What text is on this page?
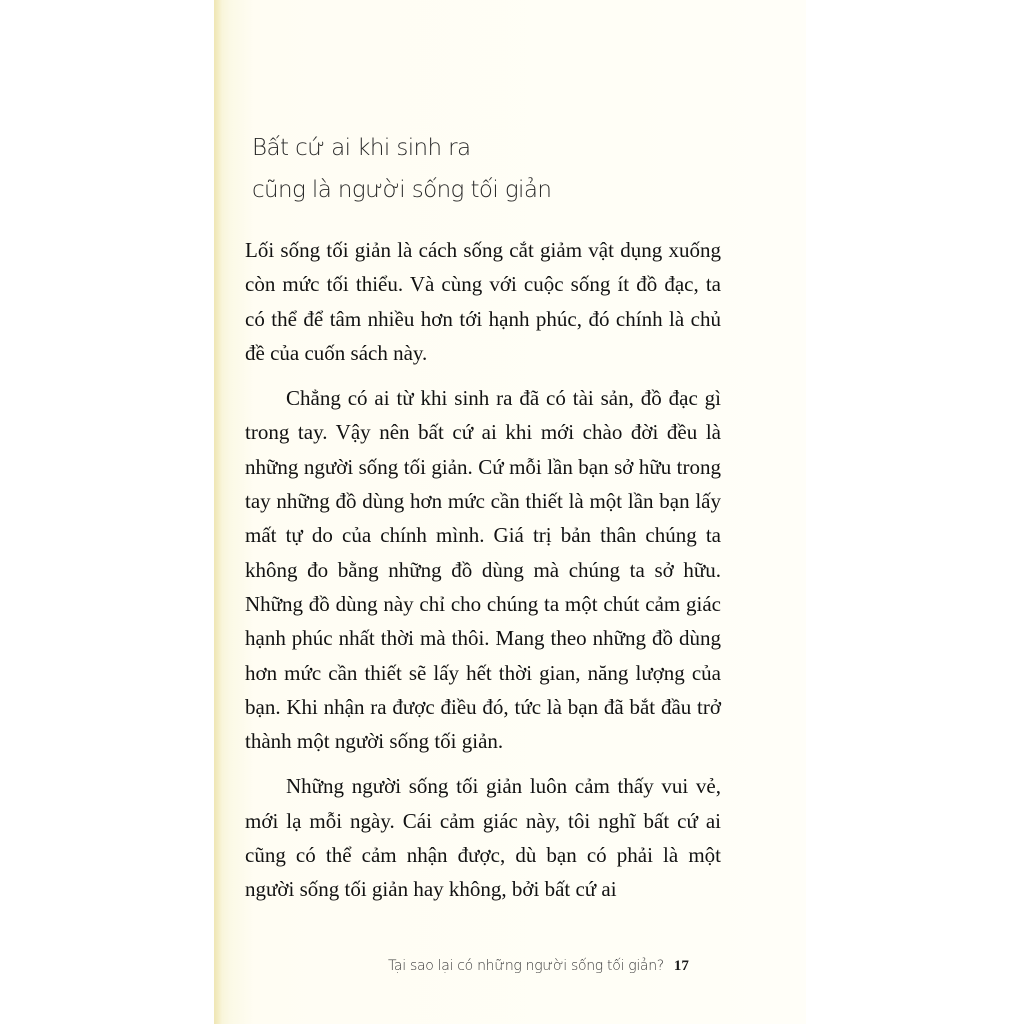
Bất cứ ai khi sinh ra
cũng là người sống tối giản

Lối sống tối giản là cách sống cắt giảm vật dụng xuống còn mức tối thiểu. Và cùng với cuộc sống ít đồ đạc, ta có thể để tâm nhiều hơn tới hạnh phúc, đó chính là chủ đề của cuốn sách này.

Chẳng có ai từ khi sinh ra đã có tài sản, đồ đạc gì trong tay. Vậy nên bất cứ ai khi mới chào đời đều là những người sống tối giản. Cứ mỗi lần bạn sở hữu trong tay những đồ dùng hơn mức cần thiết là một lần bạn lấy mất tự do của chính mình. Giá trị bản thân chúng ta không đo bằng những đồ dùng mà chúng ta sở hữu. Những đồ dùng này chỉ cho chúng ta một chút cảm giác hạnh phúc nhất thời mà thôi. Mang theo những đồ dùng hơn mức cần thiết sẽ lấy hết thời gian, năng lượng của bạn. Khi nhận ra được điều đó, tức là bạn đã bắt đầu trở thành một người sống tối giản.

Những người sống tối giản luôn cảm thấy vui vẻ, mới lạ mỗi ngày. Cái cảm giác này, tôi nghĩ bất cứ ai cũng có thể cảm nhận được, dù bạn có phải là một người sống tối giản hay không, bởi bất cứ ai

Tại sao lại có những người sống tối giản? 17
